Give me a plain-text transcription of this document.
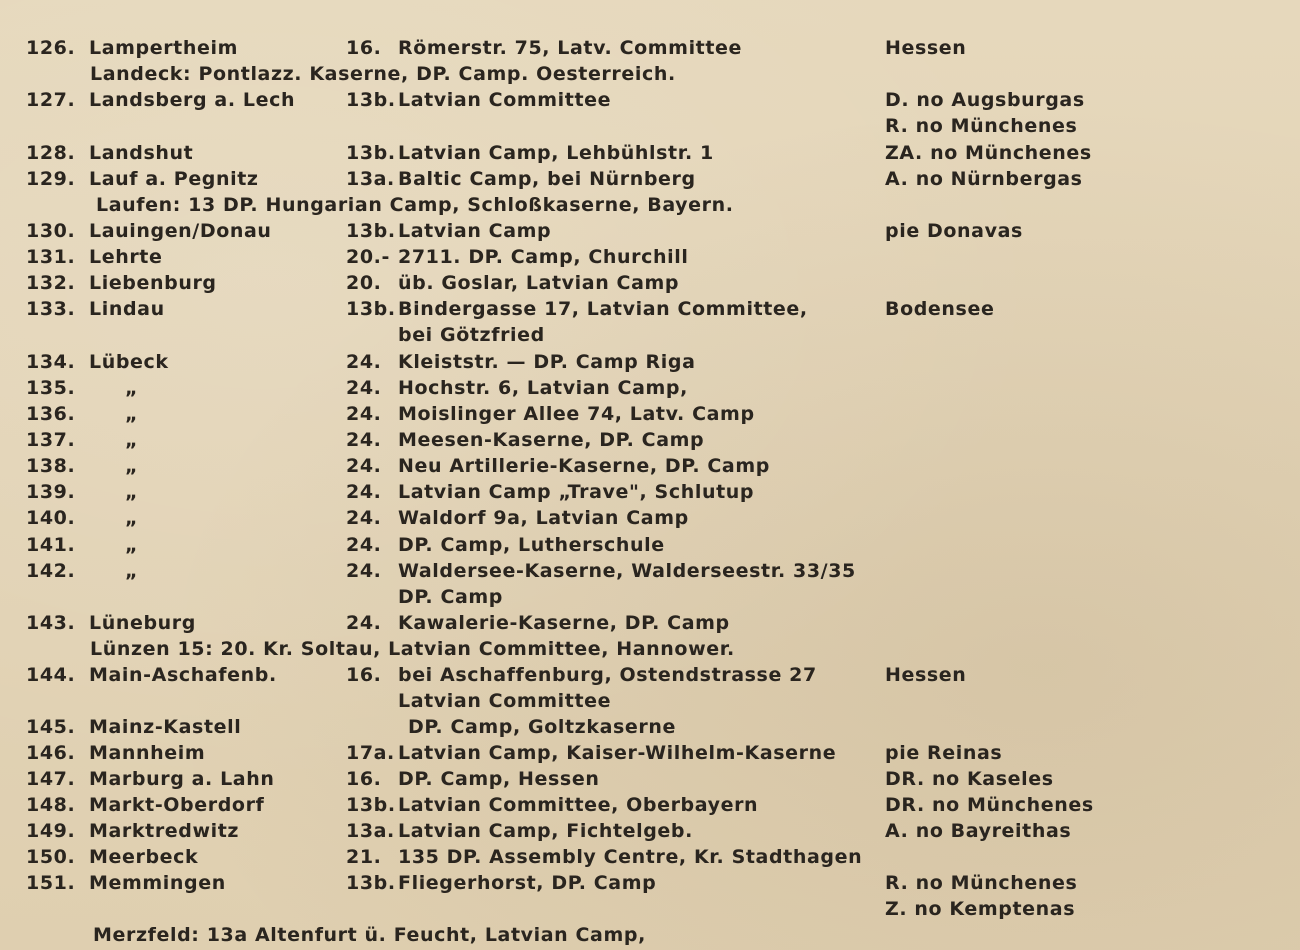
126. Lampertheim	16. Römerstr. 75, Latv. Committee	Hessen
Landeck: Pontlazz. Kaserne, DP. Camp. Oesterreich.
127. Landsberg a. Lech	13b. Latvian Committee	D. no Augsburgas
R. no Münchenes
128. Landshut	13b. Latvian Camp, Lehbühlstr. 1	ZA. no Münchenes
129. Lauf a. Pegnitz	13a. Baltic Camp, bei Nürnberg	A. no Nürnbergas
Laufen: 13 DP. Hungarian Camp, Schloßkaserne, Bayern.
130. Lauingen/Donau	13b. Latvian Camp	pie Donavas
131. Lehrte	20.- 2711. DP. Camp, Churchill
132. Liebenburg	20. üb. Goslar, Latvian Camp
133. Lindau	13b. Bindergasse 17, Latvian Committee,	Bodensee
bei Götzfried
134. Lübeck	24. Kleiststr. — DP. Camp Riga
135.	„	24. Hochstr. 6, Latvian Camp,
136.	„	24. Moislinger Allee 74, Latv. Camp
137.	„	24. Meesen-Kaserne, DP. Camp
138.	„	24. Neu Artillerie-Kaserne, DP. Camp
139.	„	24. Latvian Camp „Trave", Schlutup
140.	„	24. Waldorf 9a, Latvian Camp
141.	„	24. DP. Camp, Lutherschule
142.	„	24. Waldersee-Kaserne, Walderseestr. 33/35
DP. Camp
143. Lüneburg	24. Kawalerie-Kaserne, DP. Camp
Lünzen 15: 20. Kr. Soltau, Latvian Committee, Hannower.
144. Main-Aschafenb.	16. bei Aschaffenburg, Ostendstrasse 27	Hessen
Latvian Committee
145. Mainz-Kastell	DP. Camp, Goltzkaserne
146. Mannheim	17a. Latvian Camp, Kaiser-Wilhelm-Kaserne	pie Reinas
147. Marburg a. Lahn	16. DP. Camp, Hessen	DR. no Kaseles
148. Markt-Oberdorf	13b. Latvian Committee, Oberbayern	DR. no Münchenes
149. Marktredwitz	13a. Latvian Camp, Fichtelgeb.	A. no Bayreithas
150. Meerbeck	21. 135 DP. Assembly Centre, Kr. Stadthagen
151. Memmingen	13b. Fliegerhorst, DP. Camp	R. no Münchenes
Z. no Kemptenas
Merzfeld: 13a Altenfurt ü. Feucht, Latvian Camp,
